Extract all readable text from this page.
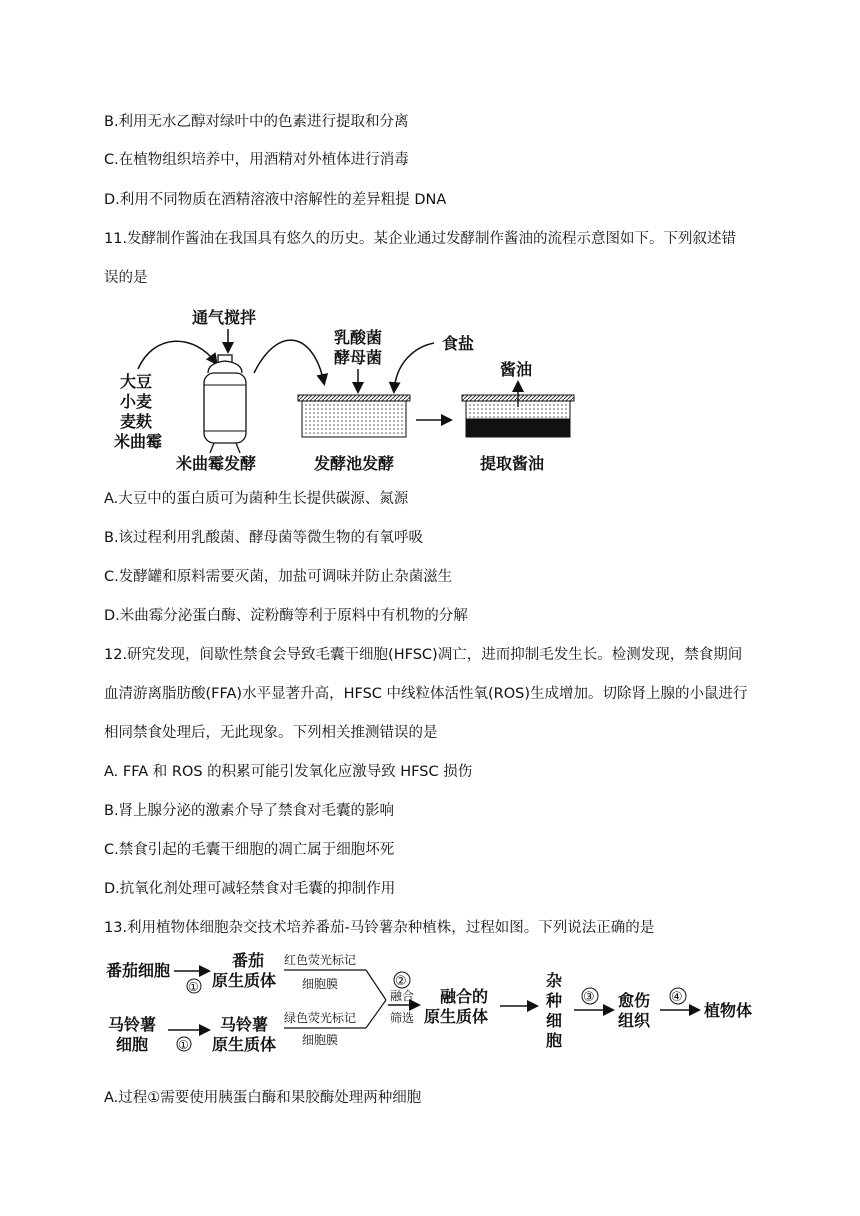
B.利用无水乙醇对绿叶中的色素进行提取和分离
C.在植物组织培养中，用酒精对外植体进行消毒
D.利用不同物质在酒精溶液中溶解性的差异粗提 DNA
11.发酵制作酱油在我国具有悠久的历史。某企业通过发酵制作酱油的流程示意图如下。下列叙述错
误的是
通气搅拌
大豆
小麦
麦麸
米曲霉
米曲霉发酵
乳酸菌
酵母菌
食盐
发酵池发酵
酱油
提取酱油
A.大豆中的蛋白质可为菌种生长提供碳源、氮源
B.该过程利用乳酸菌、酵母菌等微生物的有氧呼吸
C.发酵罐和原料需要灭菌，加盐可调味并防止杂菌滋生
D.米曲霉分泌蛋白酶、淀粉酶等利于原料中有机物的分解
12.研究发现，间歇性禁食会导致毛囊干细胞(HFSC)凋亡，进而抑制毛发生长。检测发现，禁食期间
血清游离脂肪酸(FFA)水平显著升高，HFSC 中线粒体活性氧(ROS)生成增加。切除肾上腺的小鼠进行
相同禁食处理后，无此现象。下列相关推测错误的是
A. FFA 和 ROS 的积累可能引发氧化应激导致 HFSC 损伤
B.肾上腺分泌的激素介导了禁食对毛囊的影响
C.禁食引起的毛囊干细胞的凋亡属于细胞坏死
D.抗氧化剂处理可减轻禁食对毛囊的抑制作用
13.利用植物体细胞杂交技术培养番茄-马铃薯杂种植株，过程如图。下列说法正确的是
番茄细胞
①
番茄
原生质体
红色荧光标记
细胞膜
马铃薯
细胞 ①
马铃薯
原生质体
绿色荧光标记
细胞膜
②
融合
筛选
融合的
原生质体
杂
种
细
胞
③ 愈伤
组织
④
植物体
A.过程①需要使用胰蛋白酶和果胶酶处理两种细胞
